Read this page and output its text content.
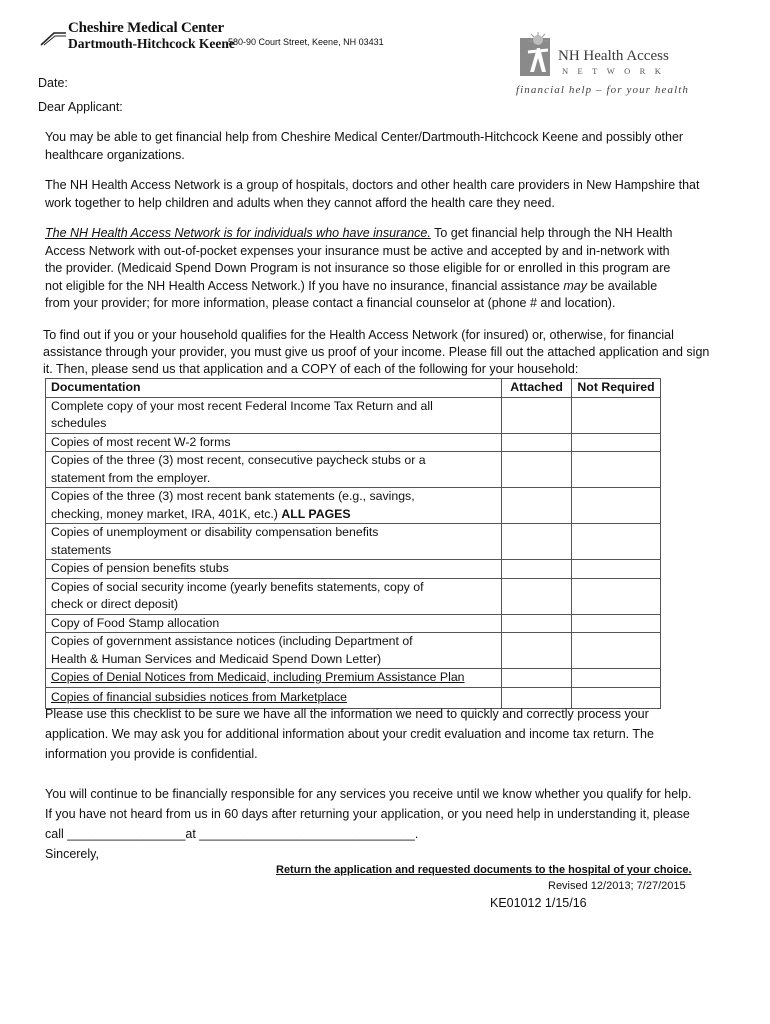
Cheshire Medical Center
Dartmouth-Hitchcock Keene
580-90 Court Street, Keene, NH 03431
NH Health Access
NETWORK
financial help – for your health
Date:
Dear Applicant:
You may be able to get financial help from Cheshire Medical Center/Dartmouth-Hitchcock Keene and possibly other
healthcare organizations.
The NH Health Access Network is a group of hospitals, doctors and other health care providers in New Hampshire that
work together to help children and adults when they cannot afford the health care they need.
The NH Health Access Network is for individuals who have insurance. To get financial help through the NH Health
Access Network with out-of-pocket expenses your insurance must be active and accepted by and in-network with
the provider. (Medicaid Spend Down Program is not insurance so those eligible for or enrolled in this program are
not eligible for the NH Health Access Network.) If you have no insurance, financial assistance may be available
from your provider; for more information, please contact a financial counselor at (phone # and location).
To find out if you or your household qualifies for the Health Access Network (for insured) or, otherwise, for financial
assistance through your provider, you must give us proof of your income. Please fill out the attached application and sign
it. Then, please send us that application and a COPY of each of the following for your household:
Documentation	Attached	Not Required

Complete copy of your most recent Federal Income Tax Return and all
schedules		

Copies of most recent W-2 forms		

Copies of the three (3) most recent, consecutive paycheck stubs or a
statement from the employer.		

Copies of the three (3) most recent bank statements (e.g., savings,
checking, money market, IRA, 401K, etc.) ALL PAGES		

Copies of unemployment or disability compensation benefits
statements		

Copies of pension benefits stubs		

Copies of social security income (yearly benefits statements, copy of
check or direct deposit)		

Copy of Food Stamp allocation		

Copies of government assistance notices (including Department of
Health & Human Services and Medicaid Spend Down Letter)		

Copies of Denial Notices from Medicaid, including Premium Assistance Plan		

Copies of financial subsidies notices from Marketplace		

Please use this checklist to be sure we have all the information we need to quickly and correctly process your
application. We may ask you for additional information about your credit evaluation and income tax return. The
information you provide is confidential.
You will continue to be financially responsible for any services you receive until we know whether you qualify for help.
If you have not heard from us in 60 days after returning your application, or you need help in understanding it, please
call _________________at _______________________________.
Sincerely,
Return the application and requested documents to the hospital of your choice.
Revised 12/2013; 7/27/2015
KE01012 1/15/16
